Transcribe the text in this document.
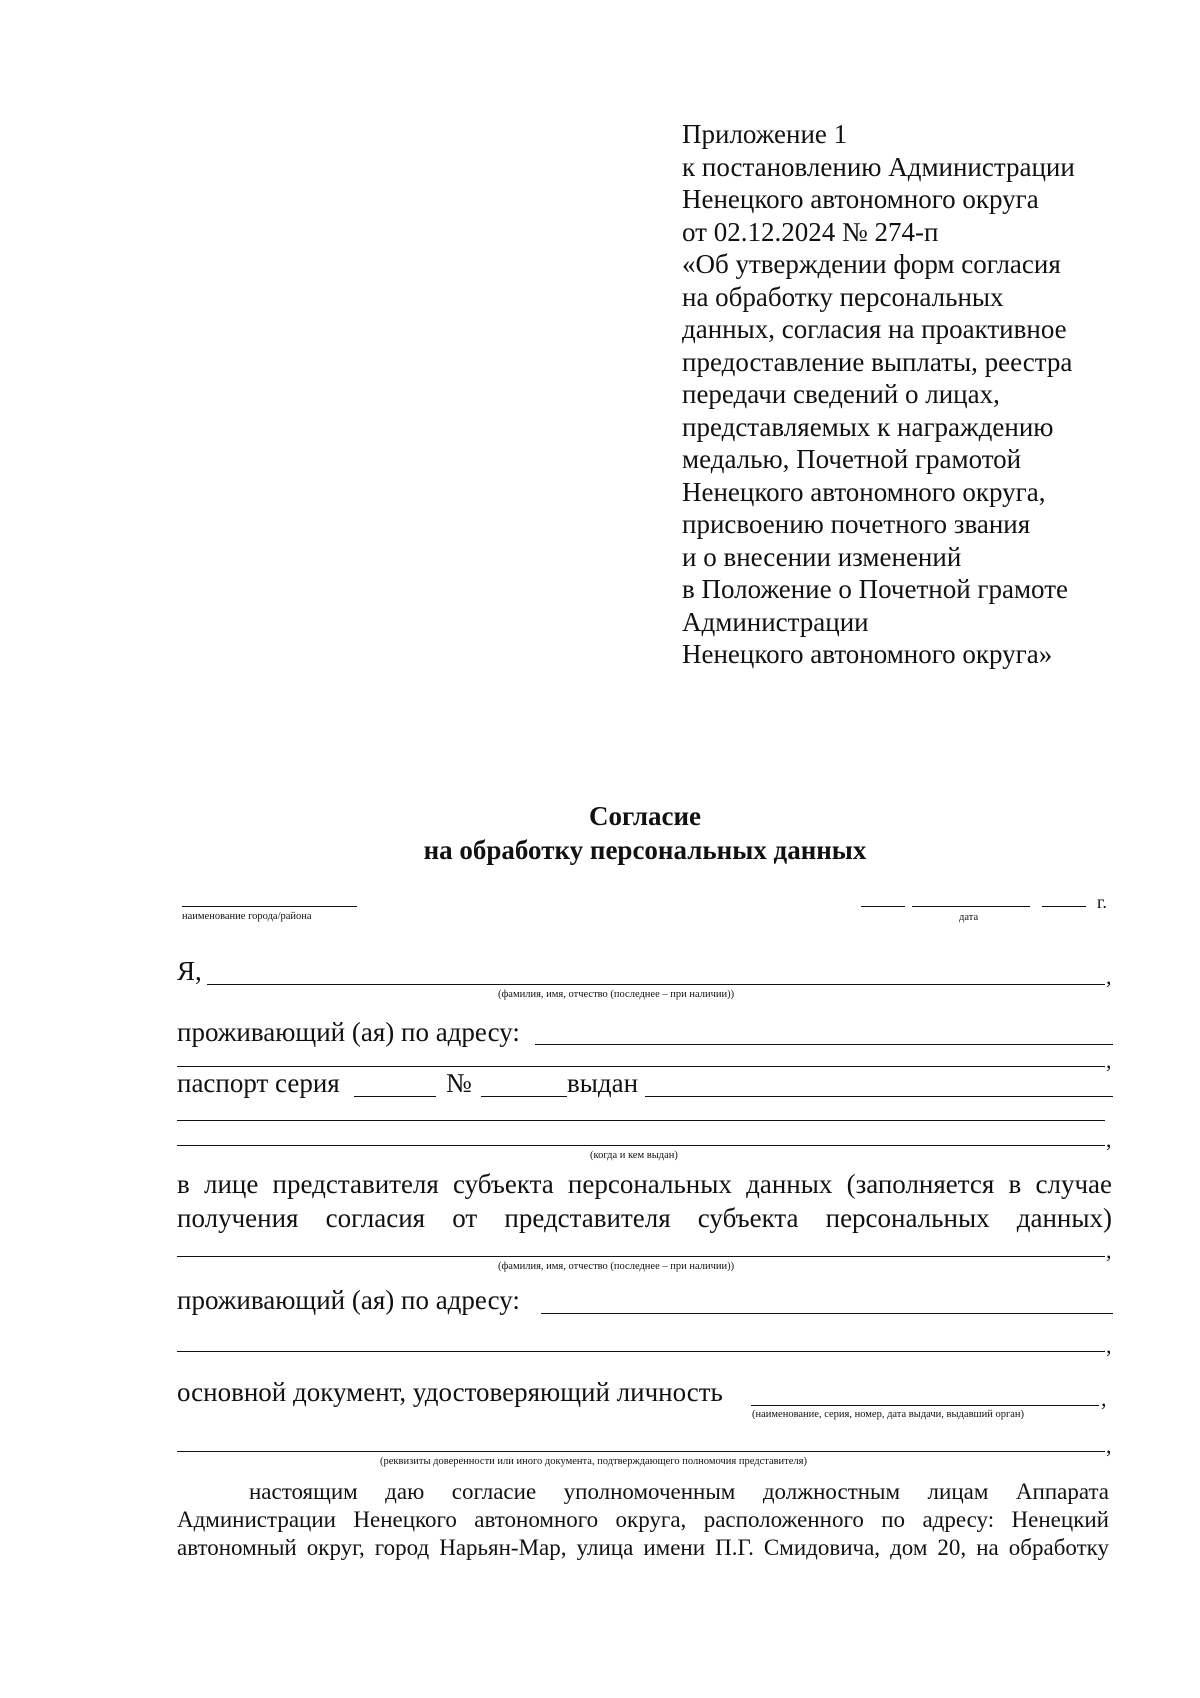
Приложение 1
к постановлению Администрации
Ненецкого автономного округа
от 02.12.2024 № 274-п
«Об утверждении форм согласия
на обработку персональных
данных, согласия на проактивное
предоставление выплаты, реестра
передачи сведений о лицах,
представляемых к награждению
медалью, Почетной грамотой
Ненецкого автономного округа,
присвоению почетного звания
и о внесении изменений
в Положение о Почетной грамоте
Администрации
Ненецкого автономного округа»
Согласие
на обработку персональных данных
наименование города/района
г.
дата
Я,	,
(фамилия, имя, отчество (последнее – при наличии))
проживающий (ая) по адресу:
,
паспорт серия	№	выдан
,
(когда и кем выдан)
в лице представителя субъекта персональных данных (заполняется в случае
получения согласия от представителя субъекта персональных данных)
,
(фамилия, имя, отчество (последнее – при наличии))
проживающий (ая) по адресу:
,
основной документ, удостоверяющий личность	,
(наименование, серия, номер, дата выдачи, выдавший орган)
,
(реквизиты доверенности или иного документа, подтверждающего полномочия представителя)
настоящим даю согласие уполномоченным должностным лицам Аппарата
Администрации Ненецкого автономного округа, расположенного по адресу: Ненецкий
автономный округ, город Нарьян-Мар, улица имени П.Г. Смидовича, дом 20, на обработку
